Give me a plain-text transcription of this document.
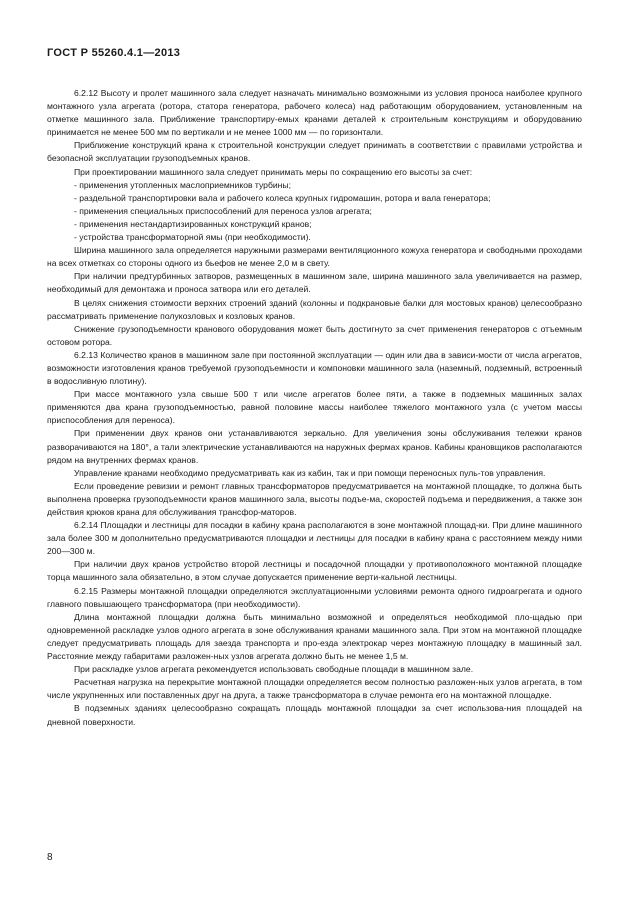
ГОСТ Р 55260.4.1—2013

6.2.12 Высоту и пролет машинного зала следует назначать минимально возможными из условия проноса наиболее крупного монтажного узла агрегата (ротора, статора генератора, рабочего колеса) над работающим оборудованием, установленным на отметке машинного зала. Приближение транспортиру-емых кранами деталей к строительным конструкциям и оборудованию принимается не менее 500 мм по вертикали и не менее 1000 мм — по горизонтали.

Приближение конструкций крана к строительной конструкции следует принимать в соответствии с правилами устройства и безопасной эксплуатации грузоподъемных кранов.

При проектировании машинного зала следует принимать меры по сокращению его высоты за счет:

- применения утопленных маслоприемников турбины;

- раздельной транспортировки вала и рабочего колеса крупных гидромашин, ротора и вала генератора;

- применения специальных приспособлений для переноса узлов агрегата;

- применения нестандартизированных конструкций кранов;

- устройства трансформаторной ямы (при необходимости).

Ширина машинного зала определяется наружными размерами вентиляционного кожуха генератора и свободными проходами на всех отметках со стороны одного из бьефов не менее 2,0 м в свету.

При наличии предтурбинных затворов, размещенных в машинном зале, ширина машинного зала увеличивается на размер, необходимый для демонтажа и проноса затвора или его деталей.

В целях снижения стоимости верхних строений зданий (колонны и подкрановые балки для мостовых кранов) целесообразно рассматривать применение полукозловых и козловых кранов.

Снижение грузоподъемности кранового оборудования может быть достигнуто за счет применения генераторов с отъемным остовом ротора.

6.2.13 Количество кранов в машинном зале при постоянной эксплуатации — один или два в зависи-мости от числа агрегатов, возможности изготовления кранов требуемой грузоподъемности и компоновки машинного зала (наземный, подземный, встроенный в водосливную плотину).

При массе монтажного узла свыше 500 т или числе агрегатов более пяти, а также в подземных машинных залах применяются два крана грузоподъемностью, равной половине массы наиболее тяжелого монтажного узла (с учетом массы приспособления для переноса).

При применении двух кранов они устанавливаются зеркально. Для увеличения зоны обслуживания тележки кранов разворачиваются на 180°, а тали электрические устанавливаются на наружных фермах кранов. Кабины крановщиков располагаются рядом на внутренних фермах кранов.

Управление кранами необходимо предусматривать как из кабин, так и при помощи переносных пуль-тов управления.

Если проведение ревизии и ремонт главных трансформаторов предусматривается на монтажной площадке, то должна быть выполнена проверка грузоподъемности кранов машинного зала, высоты подъе-ма, скоростей подъема и передвижения, а также зон действия крюков крана для обслуживания трансфор-маторов.

6.2.14 Площадки и лестницы для посадки в кабину крана располагаются в зоне монтажной площад-ки. При длине машинного зала более 300 м дополнительно предусматриваются площадки и лестницы для посадки в кабину крана с расстоянием между ними 200—300 м.

При наличии двух кранов устройство второй лестницы и посадочной площадки у противоположного монтажной площадке торца машинного зала обязательно, в этом случае допускается применение верти-кальной лестницы.

6.2.15 Размеры монтажной площадки определяются эксплуатационными условиями ремонта одного гидроагрегата и одного главного повышающего трансформатора (при необходимости).

Длина монтажной площадки должна быть минимально возможной и определяться необходимой пло-щадью при одновременной раскладке узлов одного агрегата в зоне обслуживания кранами машинного зала. При этом на монтажной площадке следует предусматривать площадь для заезда транспорта и про-езда электрокар через монтажную площадку в машинный зал. Расстояние между габаритами разложен-ных узлов агрегата должно быть не менее 1,5 м.

При раскладке узлов агрегата рекомендуется использовать свободные площади в машинном зале.

Расчетная нагрузка на перекрытие монтажной площадки определяется весом полностью разложен-ных узлов агрегата, в том числе укрупненных или поставленных друг на друга, а также трансформатора в случае ремонта его на монтажной площадке.

В подземных зданиях целесообразно сокращать площадь монтажной площадки за счет использова-ния площадей на дневной поверхности.

8
